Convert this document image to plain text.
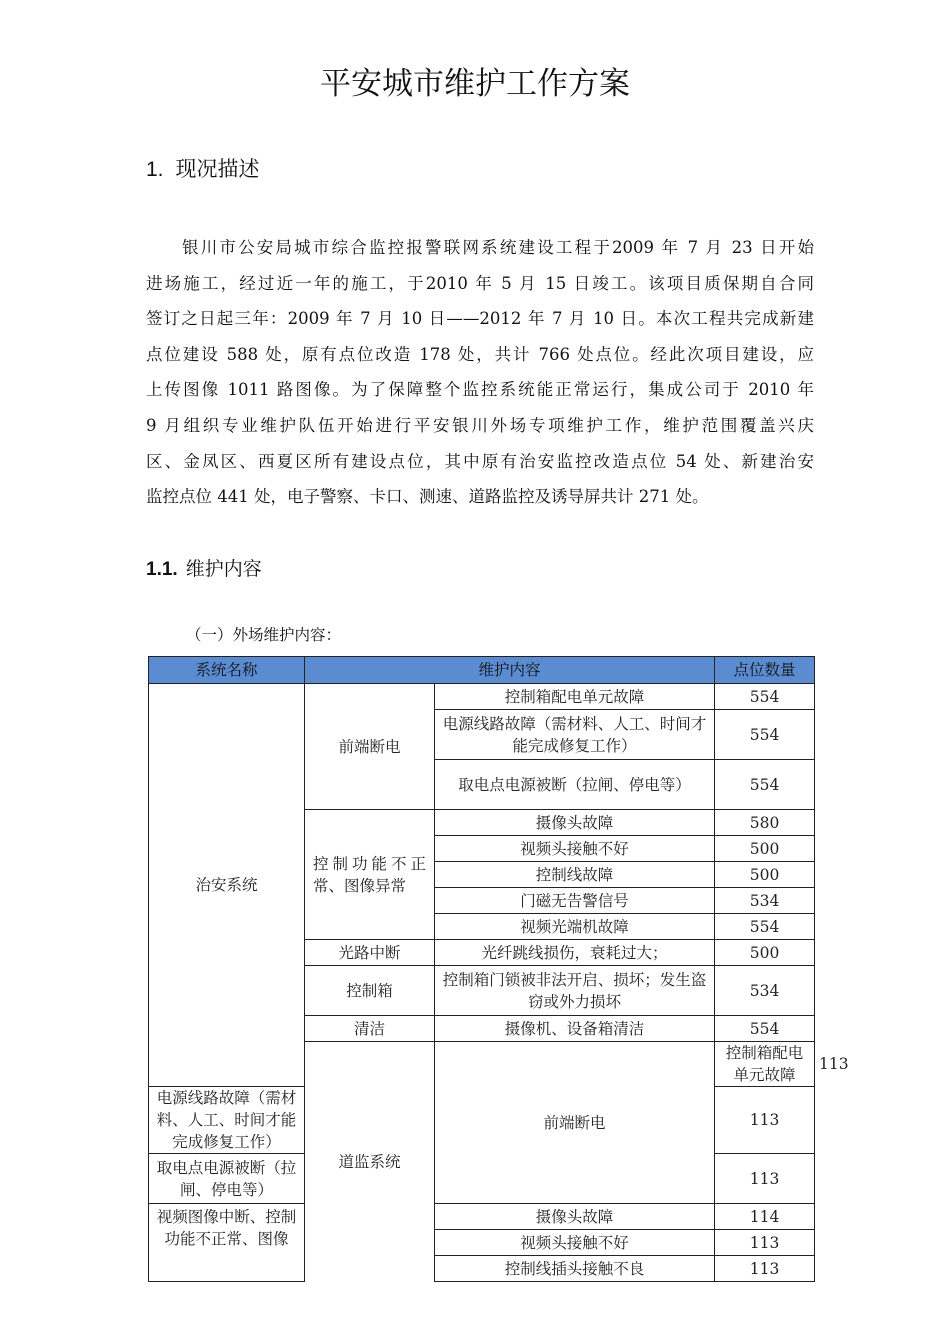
平安城市维护工作方案
1. 现况描述

银川市公安局城市综合监控报警联网系统建设工程于2009 年 7 月 23 日开始
进场施工，经过近一年的施工，于2010 年 5 月 15 日竣工。该项目质保期自合同
签订之日起三年：2009 年 7 月 10 日——2012 年 7 月 10 日。本次工程共完成新建
点位建设 588 处，原有点位改造 178 处，共计 766 处点位。经此次项目建设，应
上传图像 1011 路图像。为了保障整个监控系统能正常运行，集成公司于 2010 年
9 月组织专业维护队伍开始进行平安银川外场专项维护工作，维护范围覆盖兴庆
区、金凤区、西夏区所有建设点位，其中原有治安监控改造点位 54 处、新建治安
监控点位 441 处，电子警察、卡口、测速、道路监控及诱导屏共计 271 处。

1.1. 维护内容
（一）外场维护内容：
系统名称	维护内容		点位数量	
治安系统	前端断电	控制箱配电单元故障	554	
		电源线路故障（需材料、人工、时间才能完成修复工作）	554	
		取电点电源被断（拉闸、停电等）	554	
	控制功能不正常、图像异常	摄像头故障	580	
		视频头接触不好	500	
		控制线故障	500	
		门磁无告警信号	534	
		视频光端机故障	554	
	光路中断	光纤跳线损伤，衰耗过大；	500	
	控制箱	控制箱门锁被非法开启、损坏；发生盗窃或外力损坏	534	
	清洁	摄像机、设备箱清洁	554	
	道监系统	前端断电	控制箱配电单元故障	113
电源线路故障（需材料、人工、时间才能完成修复工作）			113	
取电点电源被断（拉闸、停电等）			113	
视频图像中断、控制功能不正常、图像		摄像头故障	114	
		视频头接触不好	113	
		控制线插头接触不良	113	
